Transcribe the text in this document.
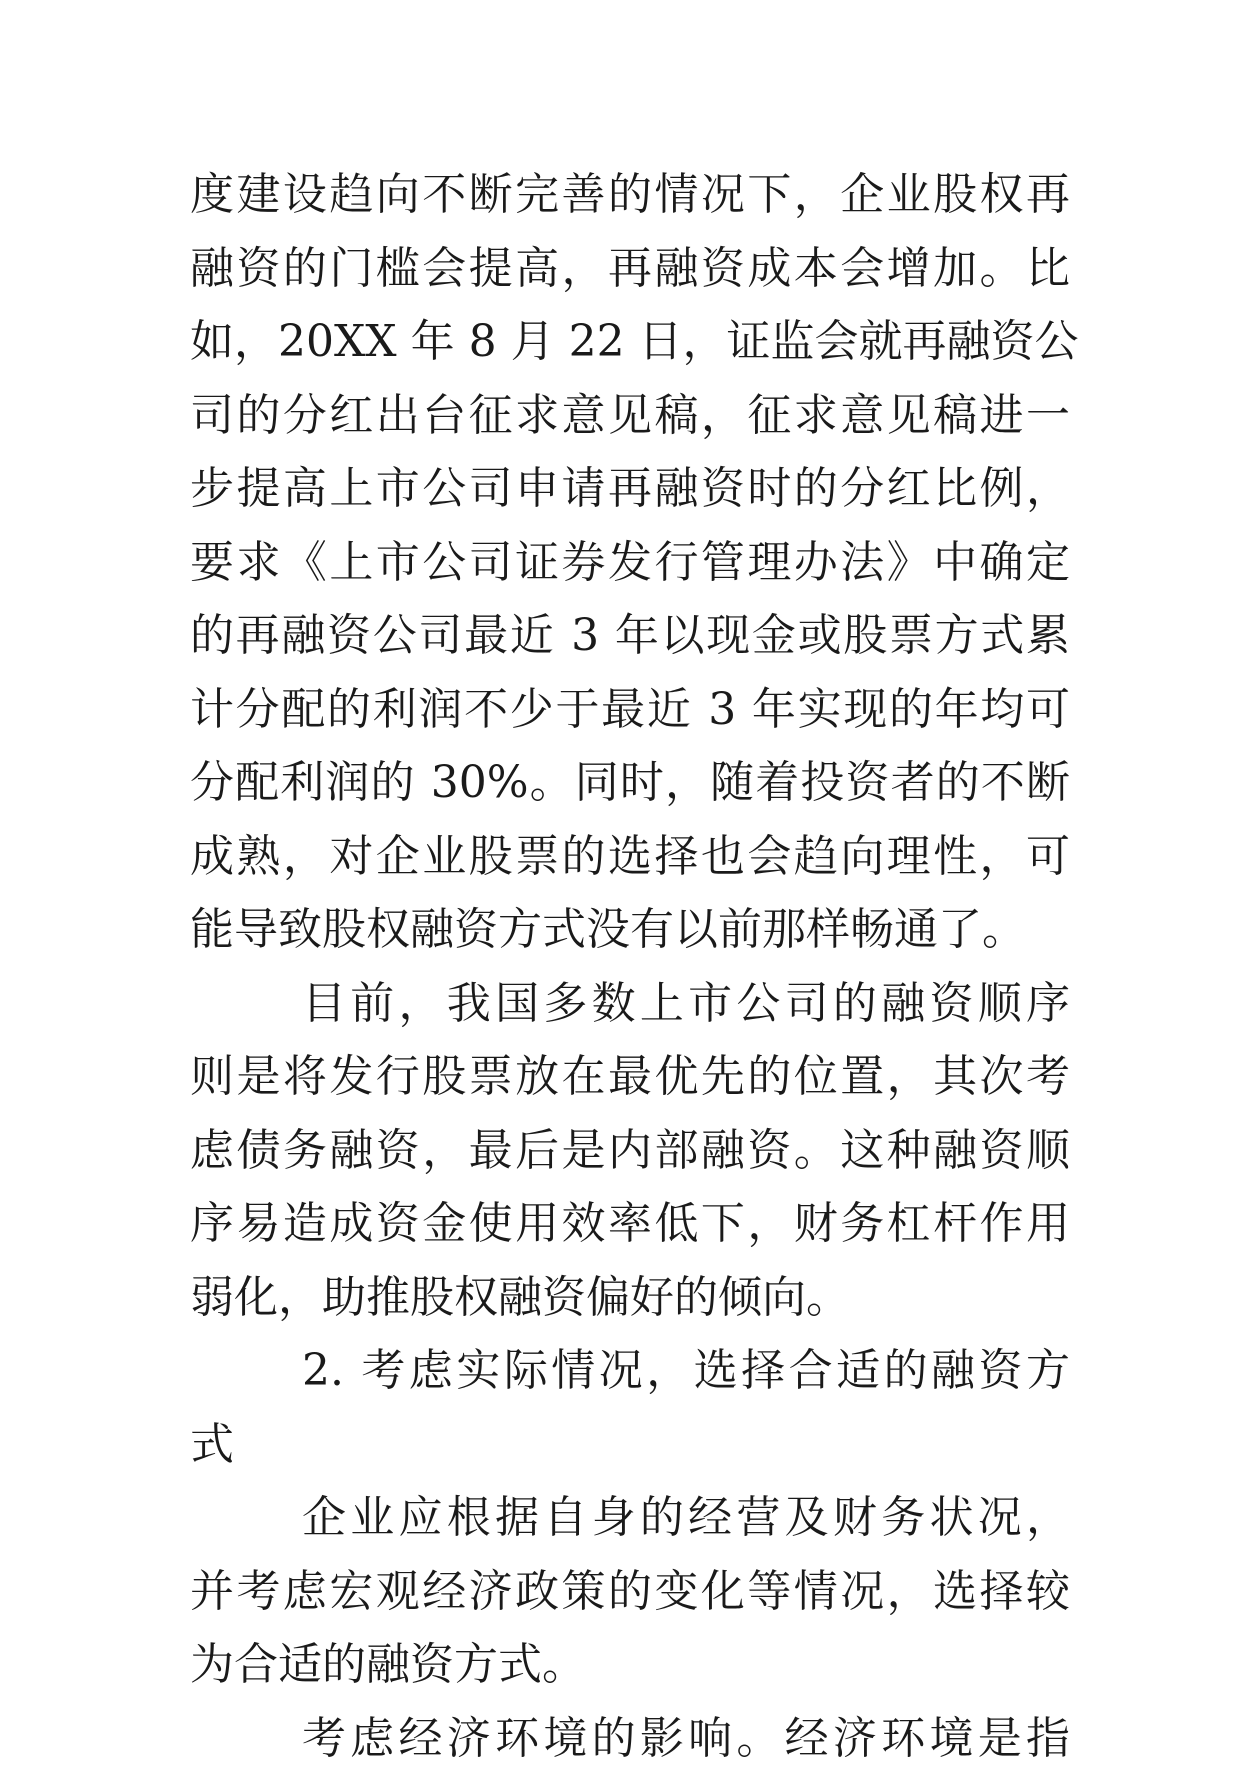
度建设趋向不断完善的情况下，企业股权再
融资的门槛会提高，再融资成本会增加。比
如，20XX 年 8 月 22 日，证监会就再融资公
司的分红出台征求意见稿，征求意见稿进一
步提高上市公司申请再融资时的分红比例，
要求《上市公司证券发行管理办法》中确定
的再融资公司最近 3 年以现金或股票方式累
计分配的利润不少于最近 3 年实现的年均可
分配利润的 30%。同时，随着投资者的不断
成熟，对企业股票的选择也会趋向理性，可
能导致股权融资方式没有以前那样畅通了。
目前，我国多数上市公司的融资顺序
则是将发行股票放在最优先的位置，其次考
虑债务融资，最后是内部融资。这种融资顺
序易造成资金使用效率低下，财务杠杆作用
弱化，助推股权融资偏好的倾向。
2. 考虑实际情况，选择合适的融资方
式
企业应根据自身的经营及财务状况，
并考虑宏观经济政策的变化等情况，选择较
为合适的融资方式。
考虑经济环境的影响。经济环境是指
